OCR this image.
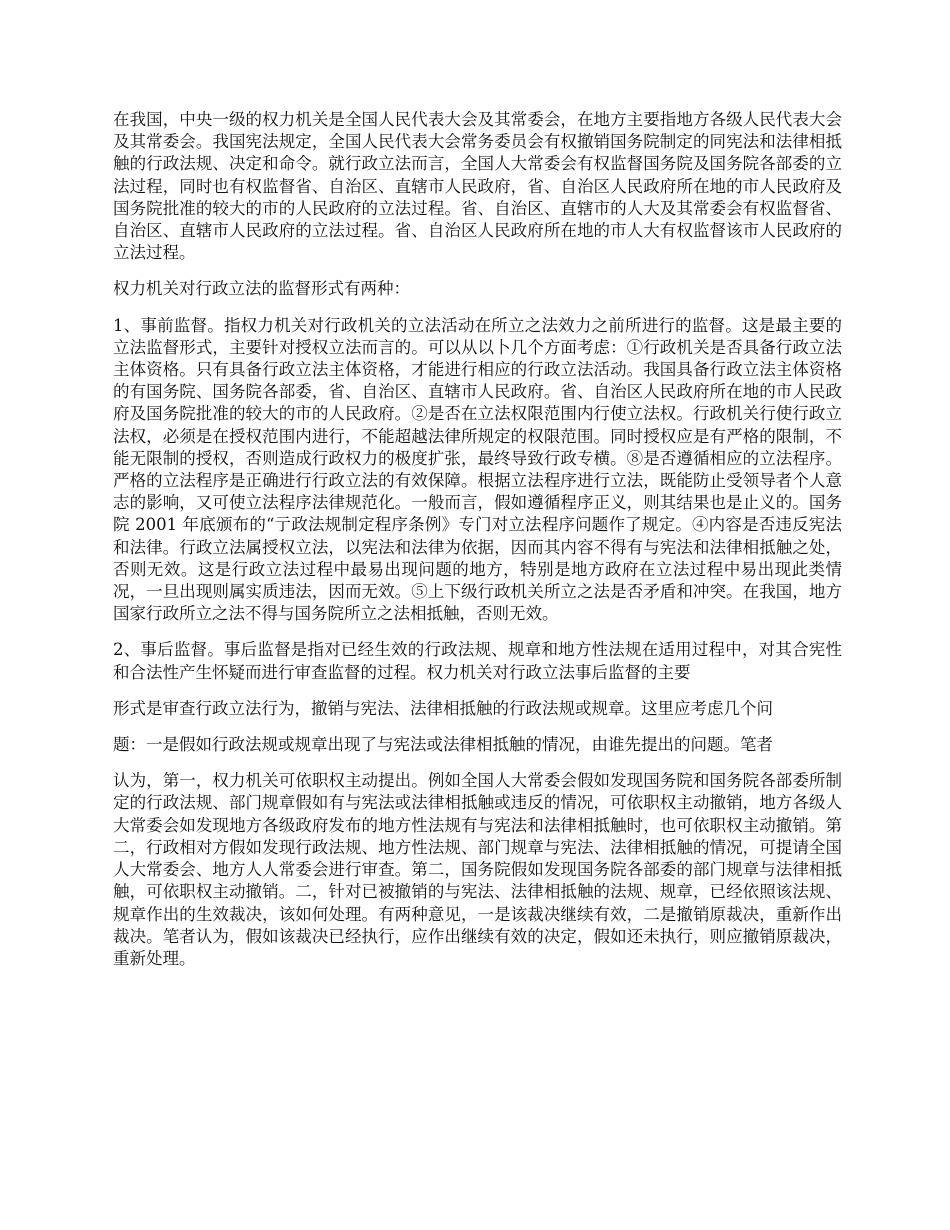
在我国，中央一级的权力机关是全国人民代表大会及其常委会，在地方主要指地方各级人民代表大会及其常委会。我国宪法规定，全国人民代表大会常务委员会有权撤销国务院制定的同宪法和法律相抵触的行政法规、决定和命令。就行政立法而言，全国人大常委会有权监督国务院及国务院各部委的立法过程，同时也有权监督省、自治区、直辖市人民政府，省、自治区人民政府所在地的市人民政府及国务院批准的较大的市的人民政府的立法过程。省、自治区、直辖市的人大及其常委会有权监督省、自治区、直辖市人民政府的立法过程。省、自治区人民政府所在地的市人大有权监督该市人民政府的立法过程。

权力机关对行政立法的监督形式有两种：

1、事前监督。指权力机关对行政机关的立法活动在所立之法效力之前所进行的监督。这是最主要的立法监督形式，主要针对授权立法而言的。可以从以卜几个方面考虑：①行政机关是否具备行政立法主体资格。只有具备行政立法主体资格，才能进行相应的行政立法活动。我国具备行政立法主体资格的有国务院、国务院各部委，省、自治区、直辖市人民政府。省、自治区人民政府所在地的市人民政府及国务院批准的较大的市的人民政府。②是否在立法权限范围内行使立法权。行政机关行使行政立法权，必须是在授权范围内进行，不能超越法律所规定的权限范围。同时授权应是有严格的限制，不能无限制的授权，否则造成行政权力的极度扩张，最终导致行政专横。⑧是否遵循相应的立法程序。严格的立法程序是正确进行行政立法的有效保障。根据立法程序进行立法，既能防止受领导者个人意志的影响，又可使立法程序法律规范化。一般而言，假如遵循程序正义，则其结果也是止义的。国务院 2001 年底颁布的“亍政法规制定程序条例》专门对立法程序问题作了规定。④内容是否违反宪法和法律。行政立法属授权立法，以宪法和法律为依据，因而其内容不得有与宪法和法律相抵触之处，否则无效。这是行政立法过程中最易出现问题的地方，特别是地方政府在立法过程中易出现此类情况，一旦出现则属实质违法，因而无效。⑤上下级行政机关所立之法是否矛盾和冲突。在我国，地方国家行政所立之法不得与国务院所立之法相抵触，否则无效。

2、事后监督。事后监督是指对已经生效的行政法规、规章和地方性法规在适用过程中，对其合宪性和合法性产生怀疑而进行审查监督的过程。权力机关对行政立法事后监督的主要

形式是审查行政立法行为，撤销与宪法、法律相抵触的行政法规或规章。这里应考虑几个问

题：一是假如行政法规或规章出现了与宪法或法律相抵触的情况，由谁先提出的问题。笔者

认为，第一，权力机关可依职权主动提出。例如全国人大常委会假如发现国务院和国务院各部委所制定的行政法规、部门规章假如有与宪法或法律相抵触或违反的情况，可依职权主动撤销，地方各级人大常委会如发现地方各级政府发布的地方性法规有与宪法和法律相抵触时，也可依职权主动撤销。第二，行政相对方假如发现行政法规、地方性法规、部门规章与宪法、法律相抵触的情况，可提请全国人大常委会、地方人人常委会进行审查。第二，国务院假如发现国务院各部委的部门规章与法律相抵触，可依职权主动撤销。二，针对已被撤销的与宪法、法律相抵触的法规、规章，已经依照该法规、规章作出的生效裁决，该如何处理。有两种意见，一是该裁决继续有效，二是撤销原裁决，重新作出裁决。笔者认为，假如该裁决已经执行，应作出继续有效的决定，假如还未执行，则应撤销原裁决，重新处理。
